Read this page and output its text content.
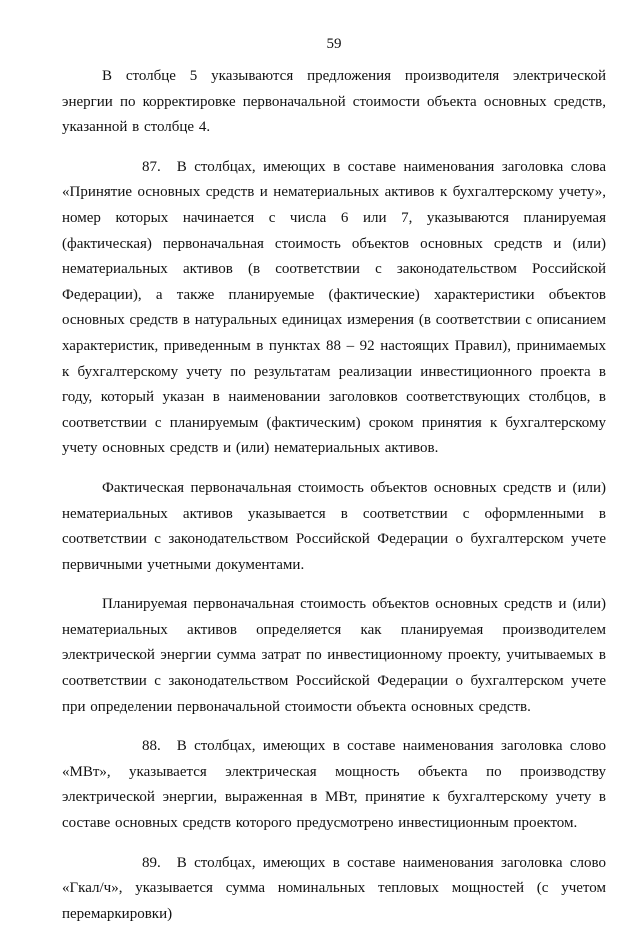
59

В столбце 5 указываются предложения производителя электрической энергии по корректировке первоначальной стоимости объекта основных средств, указанной в столбце 4.

87. В столбцах, имеющих в составе наименования заголовка слова «Принятие основных средств и нематериальных активов к бухгалтерскому учету», номер которых начинается с числа 6 или 7, указываются планируемая (фактическая) первоначальная стоимость объектов основных средств и (или) нематериальных активов (в соответствии с законодательством Российской Федерации), а также планируемые (фактические) характеристики объектов основных средств в натуральных единицах измерения (в соответствии с описанием характеристик, приведенным в пунктах 88 – 92 настоящих Правил), принимаемых к бухгалтерскому учету по результатам реализации инвестиционного проекта в году, который указан в наименовании заголовков соответствующих столбцов, в соответствии с планируемым (фактическим) сроком принятия к бухгалтерскому учету основных средств и (или) нематериальных активов.

Фактическая первоначальная стоимость объектов основных средств и (или) нематериальных активов указывается в соответствии с оформленными в соответствии с законодательством Российской Федерации о бухгалтерском учете первичными учетными документами.

Планируемая первоначальная стоимость объектов основных средств и (или) нематериальных активов определяется как планируемая производителем электрической энергии сумма затрат по инвестиционному проекту, учитываемых в соответствии с законодательством Российской Федерации о бухгалтерском учете при определении первоначальной стоимости объекта основных средств.

88. В столбцах, имеющих в составе наименования заголовка слово «МВт», указывается электрическая мощность объекта по производству электрической энергии, выраженная в МВт, принятие к бухгалтерскому учету в составе основных средств которого предусмотрено инвестиционным проектом.

89. В столбцах, имеющих в составе наименования заголовка слово «Гкал/ч», указывается сумма номинальных тепловых мощностей (с учетом перемаркировки)
